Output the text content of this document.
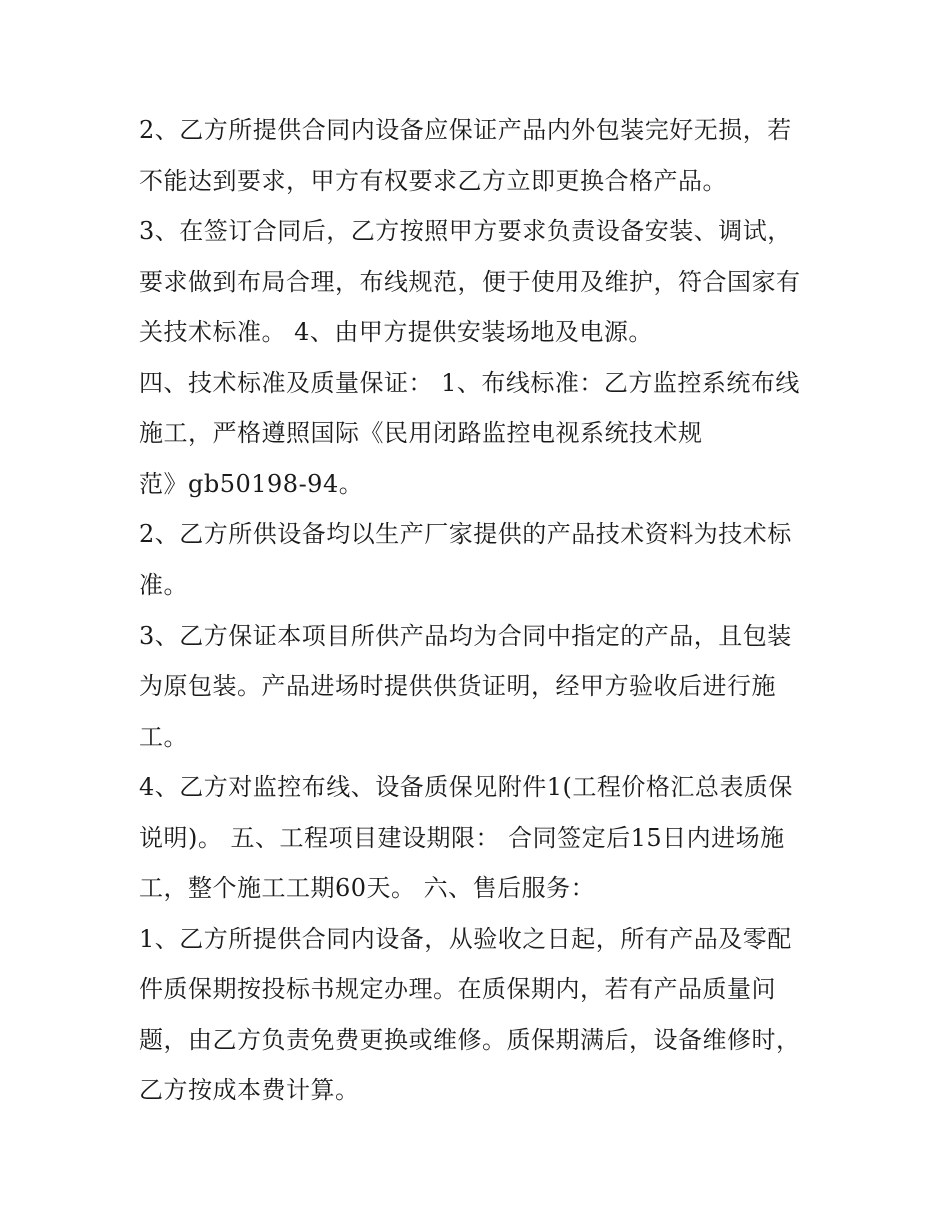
2、乙方所提供合同内设备应保证产品内外包装完好无损，若
不能达到要求，甲方有权要求乙方立即更换合格产品。
3、在签订合同后，乙方按照甲方要求负责设备安装、调试，
要求做到布局合理，布线规范，便于使用及维护，符合国家有
关技术标准。 4、由甲方提供安装场地及电源。
四、技术标准及质量保证： 1、布线标准：乙方监控系统布线
施工，严格遵照国际《民用闭路监控电视系统技术规
范》gb50198-94。
2、乙方所供设备均以生产厂家提供的产品技术资料为技术标
准。
3、乙方保证本项目所供产品均为合同中指定的产品，且包装
为原包装。产品进场时提供供货证明，经甲方验收后进行施
工。
4、乙方对监控布线、设备质保见附件1(工程价格汇总表质保
说明)。 五、工程项目建设期限： 合同签定后15日内进场施
工，整个施工工期60天。 六、售后服务：
1、乙方所提供合同内设备，从验收之日起，所有产品及零配
件质保期按投标书规定办理。在质保期内，若有产品质量问
题，由乙方负责免费更换或维修。质保期满后，设备维修时，
乙方按成本费计算。
